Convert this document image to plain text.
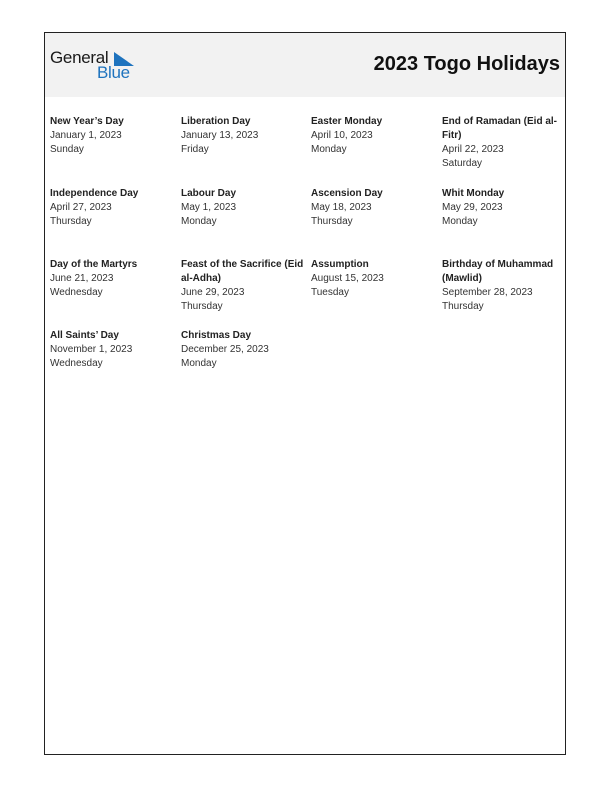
General
Blue	2023 Togo Holidays
New Year’s Day
January 1, 2023
Sunday
Liberation Day
January 13, 2023
Friday
Easter Monday
April 10, 2023
Monday
End of Ramadan (Eid al-Fitr)
April 22, 2023
Saturday
Independence Day
April 27, 2023
Thursday
Labour Day
May 1, 2023
Monday
Ascension Day
May 18, 2023
Thursday
Whit Monday
May 29, 2023
Monday
Day of the Martyrs
June 21, 2023
Wednesday
Feast of the Sacrifice (Eid al-Adha)
June 29, 2023
Thursday
Assumption
August 15, 2023
Tuesday
Birthday of Muhammad (Mawlid)
September 28, 2023
Thursday
All Saints’ Day
November 1, 2023
Wednesday
Christmas Day
December 25, 2023
Monday
